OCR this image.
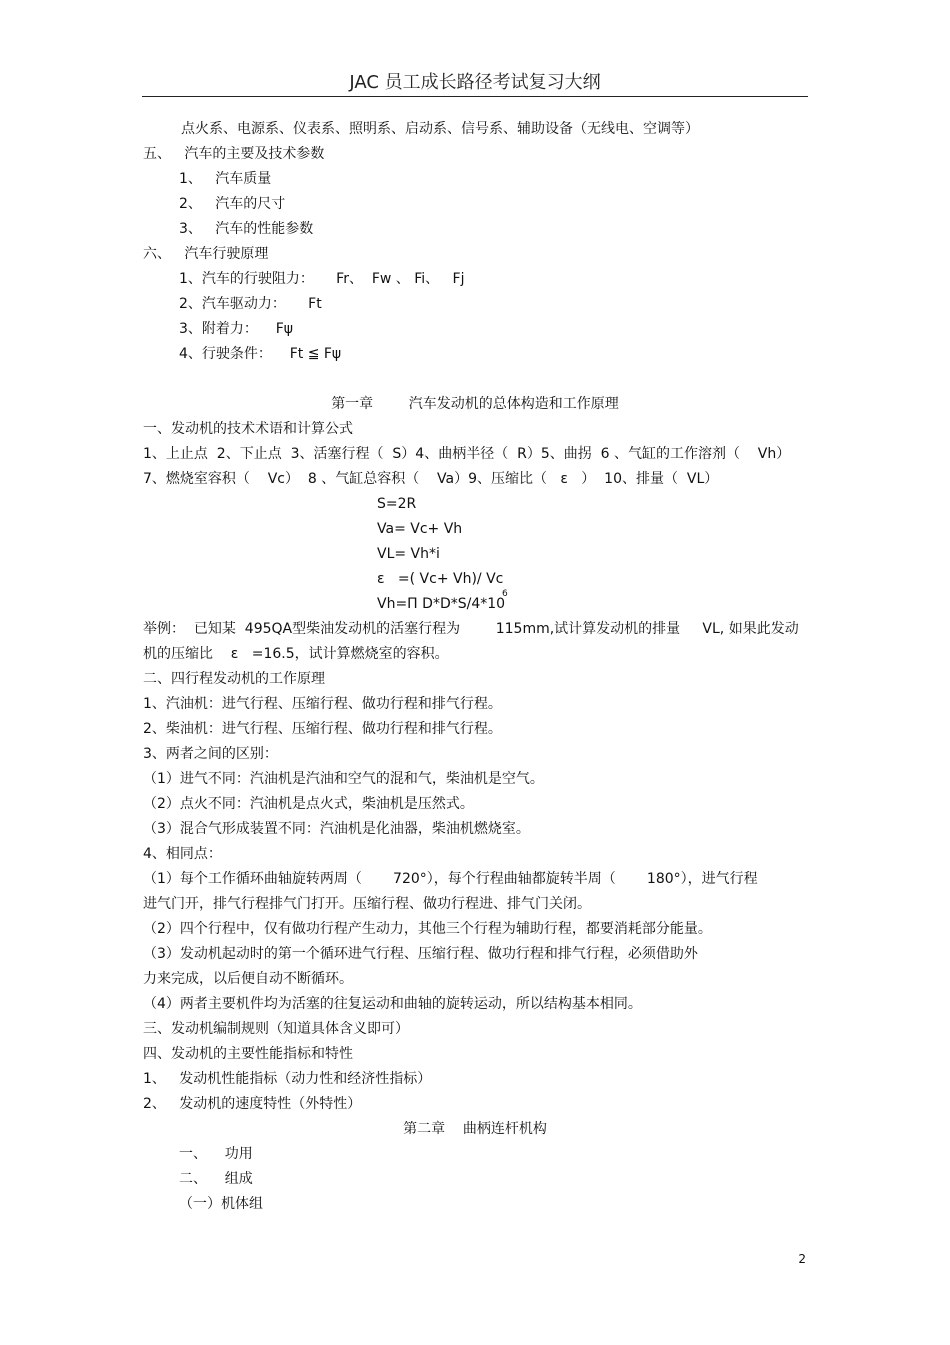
JAC 员工成长路径考试复习大纲
点火系、电源系、仪表系、照明系、启动系、信号系、辅助设备（无线电、空调等）
五、   汽车的主要及技术参数
1、   汽车质量
2、   汽车的尺寸
3、   汽车的性能参数
六、   汽车行驶原理
1、汽车的行驶阻力：     Fr、  Fw 、 Fi、   Fj
2、汽车驱动力：     Ft
3、附着力：    Fψ
4、行驶条件：    Ft ≦ Fψ
第一章        汽车发动机的总体构造和工作原理
一、发动机的技术术语和计算公式
1、上止点  2、下止点  3、活塞行程（  S）4、曲柄半径（  R）5、曲拐  6 、气缸的工作溶剂（    Vh）
7、燃烧室容积（    Vc）  8 、气缸总容积（    Va）9、压缩比（   ε   ）  10、排量（  VL）
S=2R
Va= Vc+ Vh
VL= Vh*i
ε   =( Vc+ Vh)/ Vc
Vh=Π D*D*S/4*10
6
举例：  已知某  495QA型柴油发动机的活塞行程为        115mm,试计算发动机的排量     VL, 如果此发动
机的压缩比    ε   =16.5，试计算燃烧室的容积。
二、四行程发动机的工作原理
1、汽油机：进气行程、压缩行程、做功行程和排气行程。
2、柴油机：进气行程、压缩行程、做功行程和排气行程。
3、两者之间的区别：
（1）进气不同：汽油机是汽油和空气的混和气，柴油机是空气。
（2）点火不同：汽油机是点火式，柴油机是压然式。
（3）混合气形成装置不同：汽油机是化油器，柴油机燃烧室。
4、相同点：
（1）每个工作循环曲轴旋转两周（       720°），每个行程曲轴都旋转半周（       180°），进气行程
进气门开，排气行程排气门打开。压缩行程、做功行程进、排气门关闭。
（2）四个行程中，仅有做功行程产生动力，其他三个行程为辅助行程，都要消耗部分能量。
（3）发动机起动时的第一个循环进气行程、压缩行程、做功行程和排气行程，必须借助外
力来完成，以后便自动不断循环。
（4）两者主要机件均为活塞的往复运动和曲轴的旋转运动，所以结构基本相同。
三、发动机编制规则（知道具体含义即可）
四、发动机的主要性能指标和特性
1、   发动机性能指标（动力性和经济性指标）
2、   发动机的速度特性（外特性）
第二章    曲柄连杆机构
一、    功用
二、    组成
（一）机体组
2
